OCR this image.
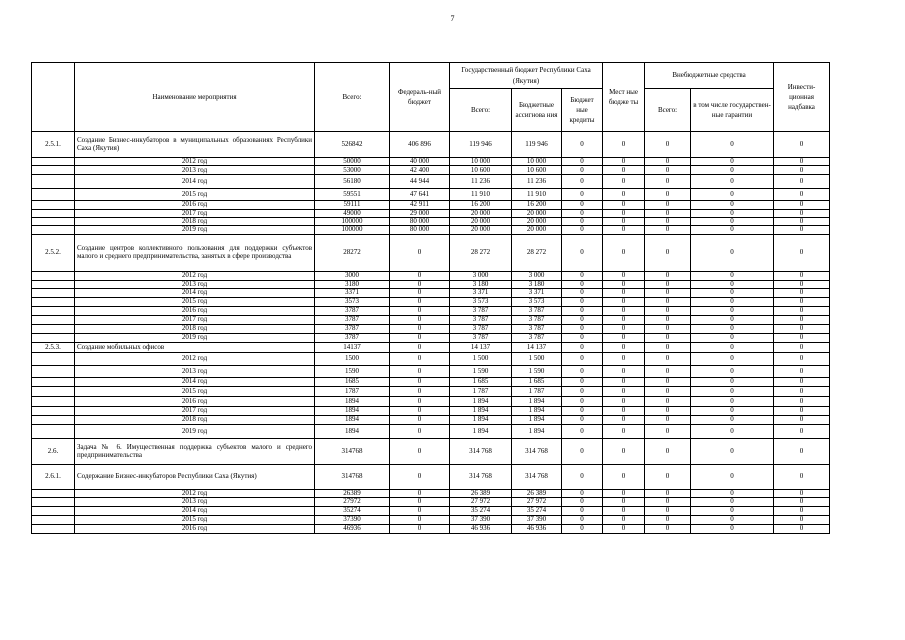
7
	Наименование мероприятия	Всего:	Федераль-ный бюджет	Государственный бюджет Республики Саха (Якутия)			Мест ные бюдже ты	Внебюджетные средства		Инвести-ционная надбавка
				Всего:	Бюджетные ассигнова ния	Бюджет ные кредиты		Всего:	в том числе государствен-ные гарантии	
2.5.1.	Создание Бизнес-инкубаторов в муниципальных образованиях Республики Саха (Якутия)	526842	406 896	119 946	119 946	0	0	0	0	0
	2012 год	50000	40 000	10 000	10 000	0	0	0	0	0
	2013 год	53000	42 400	10 600	10 600	0	0	0	0	0
	2014 год	56180	44 944	11 236	11 236	0	0	0	0	0
	2015 год	59551	47 641	11 910	11 910	0	0	0	0	0
	2016 год	59111	42 911	16 200	16 200	0	0	0	0	0
	2017 год	49000	29 000	20 000	20 000	0	0	0	0	0
	2018 год	100000	80 000	20 000	20 000	0	0	0	0	0
	2019 год	100000	80 000	20 000	20 000	0	0	0	0	0
2.5.2.	Создание центров коллективного пользования для поддержки субъектов малого и среднего предпринимательства, занятых в сфере производства	28272	0	28 272	28 272	0	0	0	0	0
	2012 год	3000	0	3 000	3 000	0	0	0	0	0
	2013 год	3180	0	3 180	3 180	0	0	0	0	0
	2014 год	3371	0	3 371	3 371	0	0	0	0	0
	2015 год	3573	0	3 573	3 573	0	0	0	0	0
	2016 год	3787	0	3 787	3 787	0	0	0	0	0
	2017 год	3787	0	3 787	3 787	0	0	0	0	0
	2018 год	3787	0	3 787	3 787	0	0	0	0	0
	2019 год	3787	0	3 787	3 787	0	0	0	0	0
2.5.3.	Создание мобильных офисов	14137	0	14 137	14 137	0	0	0	0	0
	2012 год	1500	0	1 500	1 500	0	0	0	0	0
	2013 год	1590	0	1 590	1 590	0	0	0	0	0
	2014 год	1685	0	1 685	1 685	0	0	0	0	0
	2015 год	1787	0	1 787	1 787	0	0	0	0	0
	2016 год	1894	0	1 894	1 894	0	0	0	0	0
	2017 год	1894	0	1 894	1 894	0	0	0	0	0
	2018 год	1894	0	1 894	1 894	0	0	0	0	0
	2019 год	1894	0	1 894	1 894	0	0	0	0	0
2.6.	Задача № 6. Имущественная поддержка субъектов малого и среднего предпринимательства	314768	0	314 768	314 768	0	0	0	0	0
2.6.1.	Содержание Бизнес-инкубаторов Республики Саха (Якутия)	314768	0	314 768	314 768	0	0	0	0	0
	2012 год	26389	0	26 389	26 389	0	0	0	0	0
	2013 год	27972	0	27 972	27 972	0	0	0	0	0
	2014 год	35274	0	35 274	35 274	0	0	0	0	0
	2015 год	37390	0	37 390	37 390	0	0	0	0	0
	2016 год	46936	0	46 936	46 936	0	0	0	0	0
